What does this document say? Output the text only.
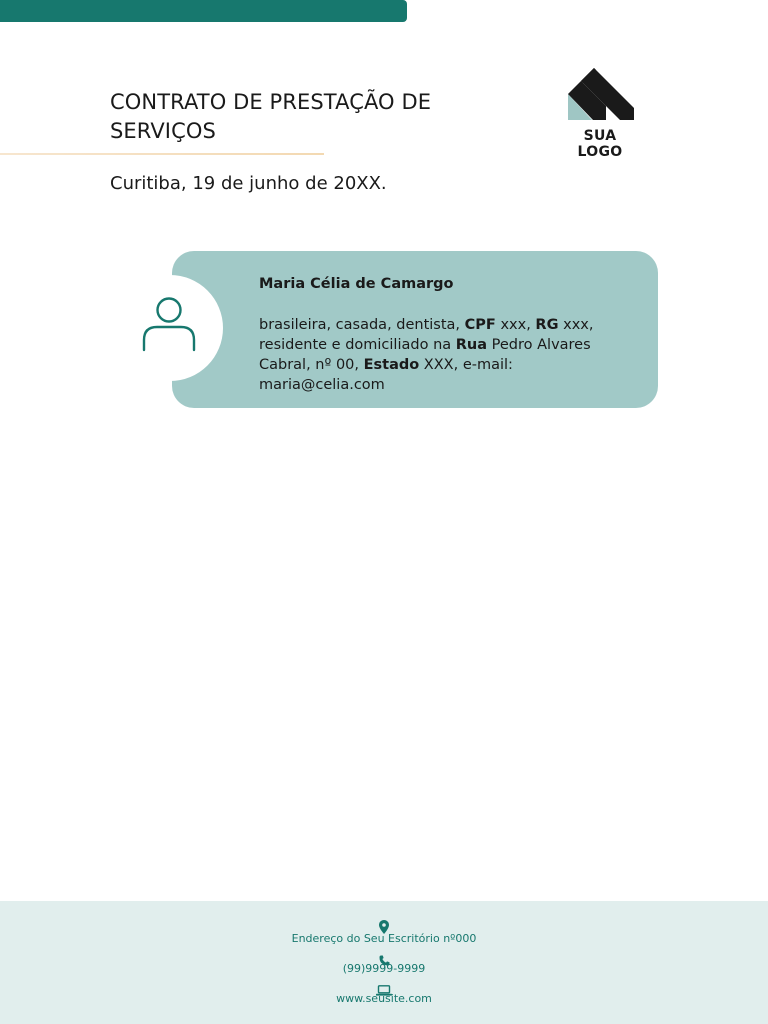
CONTRATO DE PRESTAÇÃO DE SERVIÇOS	SUA LOGO
Curitiba, 19 de junho de 20XX.
Maria Célia de Camargo

brasileira, casada, dentista, CPF xxx, RG xxx, residente e domiciliado na Rua Pedro Alvares Cabral, nº 00, Estado XXX, e-mail: maria@celia.com

Endereço do Seu Escritório nº000
(99)9999-9999
www.seusite.com
